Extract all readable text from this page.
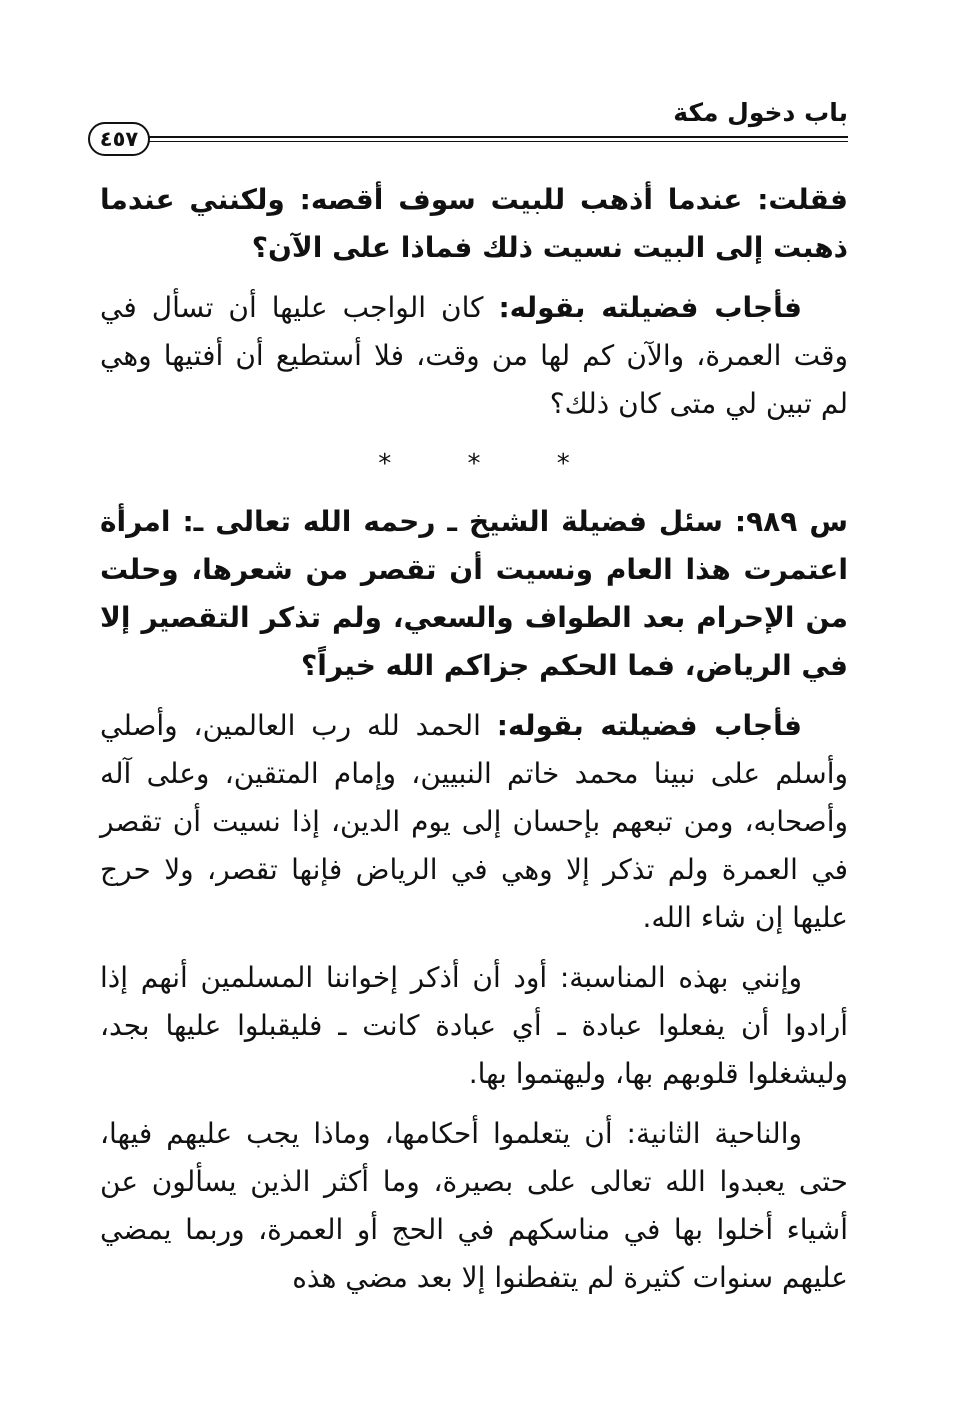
باب دخول مكة
٤٥٧

فقلت: عندما أذهب للبيت سوف أقصه: ولكنني عندما ذهبت إلى البيت نسيت ذلك فماذا على الآن؟

فأجاب فضيلته بقوله: كان الواجب عليها أن تسأل في وقت العمرة، والآن كم لها من وقت، فلا أستطيع أن أفتيها وهي لم تبين لي متى كان ذلك؟

* * *

س ٩٨٩: سئل فضيلة الشيخ ـ رحمه الله تعالى ـ: امرأة اعتمرت هذا العام ونسيت أن تقصر من شعرها، وحلت من الإحرام بعد الطواف والسعي، ولم تذكر التقصير إلا في الرياض، فما الحكم جزاكم الله خيراً؟

فأجاب فضيلته بقوله: الحمد لله رب العالمين، وأصلي وأسلم على نبينا محمد خاتم النبيين، وإمام المتقين، وعلى آله وأصحابه، ومن تبعهم بإحسان إلى يوم الدين، إذا نسيت أن تقصر في العمرة ولم تذكر إلا وهي في الرياض فإنها تقصر، ولا حرج عليها إن شاء الله.

وإنني بهذه المناسبة: أود أن أذكر إخواننا المسلمين أنهم إذا أرادوا أن يفعلوا عبادة ـ أي عبادة كانت ـ فليقبلوا عليها بجد، وليشغلوا قلوبهم بها، وليهتموا بها.

والناحية الثانية: أن يتعلموا أحكامها، وماذا يجب عليهم فيها، حتى يعبدوا الله تعالى على بصيرة، وما أكثر الذين يسألون عن أشياء أخلوا بها في مناسكهم في الحج أو العمرة، وربما يمضي عليهم سنوات كثيرة لم يتفطنوا إلا بعد مضي هذه
